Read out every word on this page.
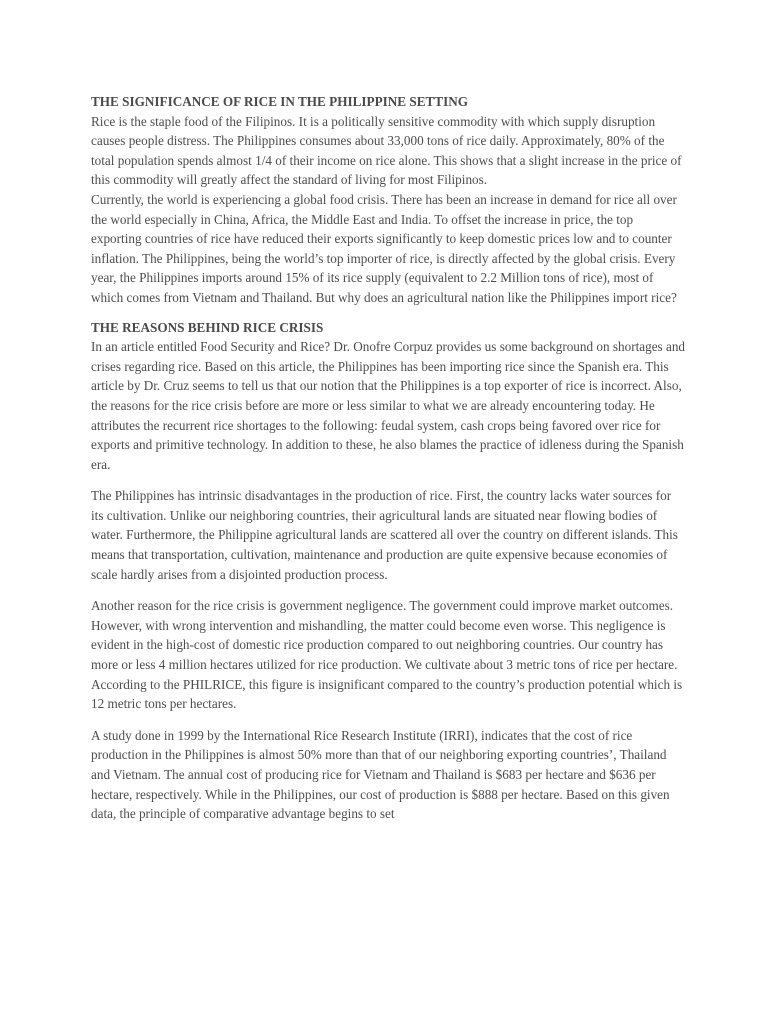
THE SIGNIFICANCE OF RICE IN THE PHILIPPINE SETTING

Rice is the staple food of the Filipinos. It is a politically sensitive commodity with which supply disruption causes people distress. The Philippines consumes about 33,000 tons of rice daily. Approximately, 80% of the total population spends almost 1/4 of their income on rice alone. This shows that a slight increase in the price of this commodity will greatly affect the standard of living for most Filipinos.

Currently, the world is experiencing a global food crisis. There has been an increase in demand for rice all over the world especially in China, Africa, the Middle East and India. To offset the increase in price, the top exporting countries of rice have reduced their exports significantly to keep domestic prices low and to counter inflation. The Philippines, being the world’s top importer of rice, is directly affected by the global crisis. Every year, the Philippines imports around 15% of its rice supply (equivalent to 2.2 Million tons of rice), most of which comes from Vietnam and Thailand. But why does an agricultural nation like the Philippines import rice?

THE REASONS BEHIND RICE CRISIS

In an article entitled Food Security and Rice? Dr. Onofre Corpuz provides us some background on shortages and crises regarding rice. Based on this article, the Philippines has been importing rice since the Spanish era. This article by Dr. Cruz seems to tell us that our notion that the Philippines is a top exporter of rice is incorrect. Also, the reasons for the rice crisis before are more or less similar to what we are already encountering today. He attributes the recurrent rice shortages to the following: feudal system, cash crops being favored over rice for exports and primitive technology. In addition to these, he also blames the practice of idleness during the Spanish era.

The Philippines has intrinsic disadvantages in the production of rice. First, the country lacks water sources for its cultivation. Unlike our neighboring countries, their agricultural lands are situated near flowing bodies of water. Furthermore, the Philippine agricultural lands are scattered all over the country on different islands. This means that transportation, cultivation, maintenance and production are quite expensive because economies of scale hardly arises from a disjointed production process.

Another reason for the rice crisis is government negligence. The government could improve market outcomes. However, with wrong intervention and mishandling, the matter could become even worse. This negligence is evident in the high-cost of domestic rice production compared to out neighboring countries. Our country has more or less 4 million hectares utilized for rice production. We cultivate about 3 metric tons of rice per hectare. According to the PHILRICE, this figure is insignificant compared to the country’s production potential which is 12 metric tons per hectares.

A study done in 1999 by the International Rice Research Institute (IRRI), indicates that the cost of rice production in the Philippines is almost 50% more than that of our neighboring exporting countries’, Thailand and Vietnam. The annual cost of producing rice for Vietnam and Thailand is $683 per hectare and $636 per hectare, respectively. While in the Philippines, our cost of production is $888 per hectare. Based on this given data, the principle of comparative advantage begins to set
